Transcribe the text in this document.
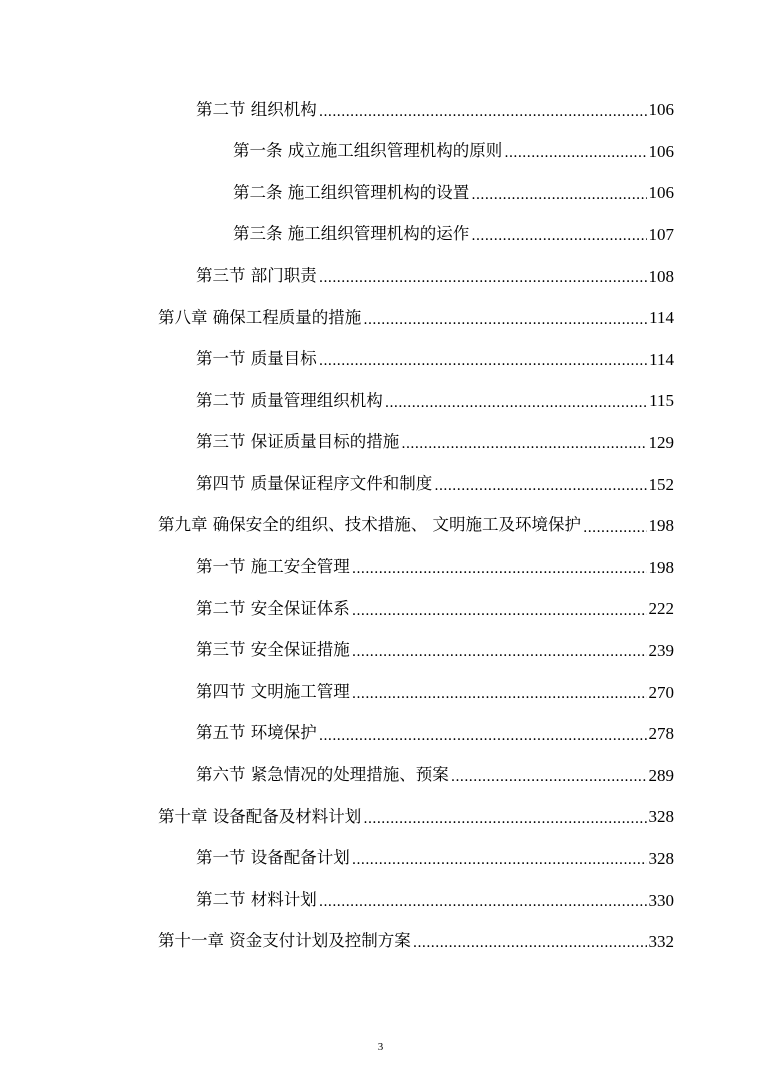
第二节 组织机构 .....	106
第一条 成立施工组织管理机构的原则 .....	106
第二条 施工组织管理机构的设置 .....	106
第三条 施工组织管理机构的运作 .....	107
第三节 部门职责 .....	108
第八章 确保工程质量的措施 .....	114
第一节 质量目标 .....	114
第二节 质量管理组织机构 .....	115
第三节 保证质量目标的措施 .....	129
第四节 质量保证程序文件和制度 .....	152
第九章 确保安全的组织、技术措施、 文明施工及环境保护 .....	198
第一节 施工安全管理 .....	198
第二节 安全保证体系 .....	222
第三节 安全保证措施 .....	239
第四节 文明施工管理 .....	270
第五节 环境保护 .....	278
第六节 紧急情况的处理措施、预案 .....	289
第十章 设备配备及材料计划 .....	328
第一节 设备配备计划 .....	328
第二节 材料计划 .....	330
第十一章 资金支付计划及控制方案 .....	332
3
